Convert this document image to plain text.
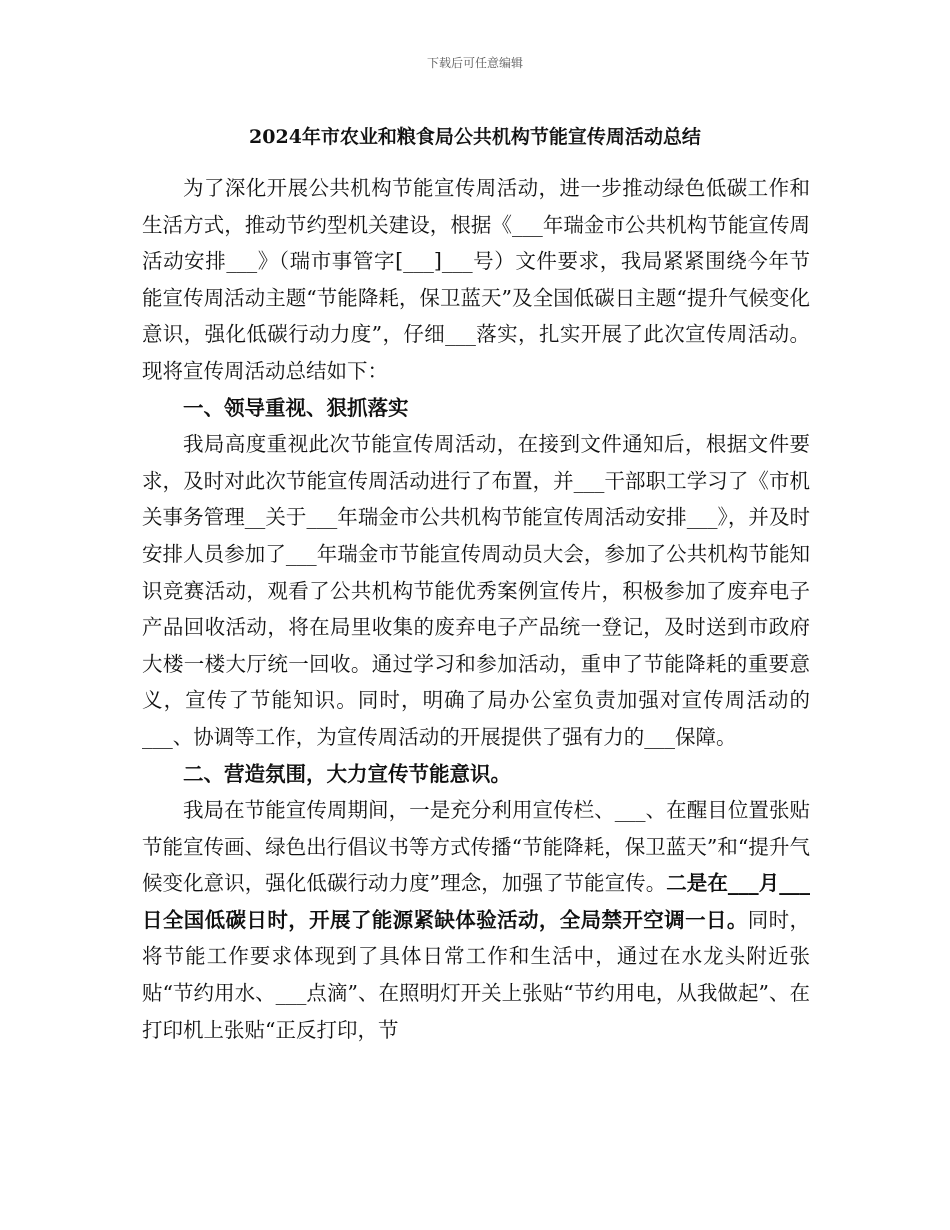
下载后可任意编辑
2024年市农业和粮食局公共机构节能宣传周活动总结

为了深化开展公共机构节能宣传周活动，进一步推动绿色低碳工作和生活方式，推动节约型机关建设，根据《___年瑞金市公共机构节能宣传周活动安排___》（瑞市事管字[___]___号）文件要求，我局紧紧围绕今年节能宣传周活动主题“节能降耗，保卫蓝天”及全国低碳日主题“提升气候变化意识，强化低碳行动力度”，仔细___落实，扎实开展了此次宣传周活动。现将宣传周活动总结如下：

一、领导重视、狠抓落实

我局高度重视此次节能宣传周活动，在接到文件通知后，根据文件要求，及时对此次节能宣传周活动进行了布置，并___干部职工学习了《市机关事务管理__关于___年瑞金市公共机构节能宣传周活动安排___》，并及时安排人员参加了___年瑞金市节能宣传周动员大会，参加了公共机构节能知识竞赛活动，观看了公共机构节能优秀案例宣传片，积极参加了废弃电子产品回收活动，将在局里收集的废弃电子产品统一登记，及时送到市政府大楼一楼大厅统一回收。通过学习和参加活动，重申了节能降耗的重要意义，宣传了节能知识。同时，明确了局办公室负责加强对宣传周活动的___、协调等工作，为宣传周活动的开展提供了强有力的___保障。

二、营造氛围，大力宣传节能意识。

我局在节能宣传周期间，一是充分利用宣传栏、___、在醒目位置张贴节能宣传画、绿色出行倡议书等方式传播“节能降耗，保卫蓝天”和“提升气候变化意识，强化低碳行动力度”理念，加强了节能宣传。二是在___月___日全国低碳日时，开展了能源紧缺体验活动，全局禁开空调一日。同时，将节能工作要求体现到了具体日常工作和生活中，通过在水龙头附近张贴“节约用水、___点滴”、在照明灯开关上张贴“节约用电，从我做起”、在打印机上张贴“正反打印，节
